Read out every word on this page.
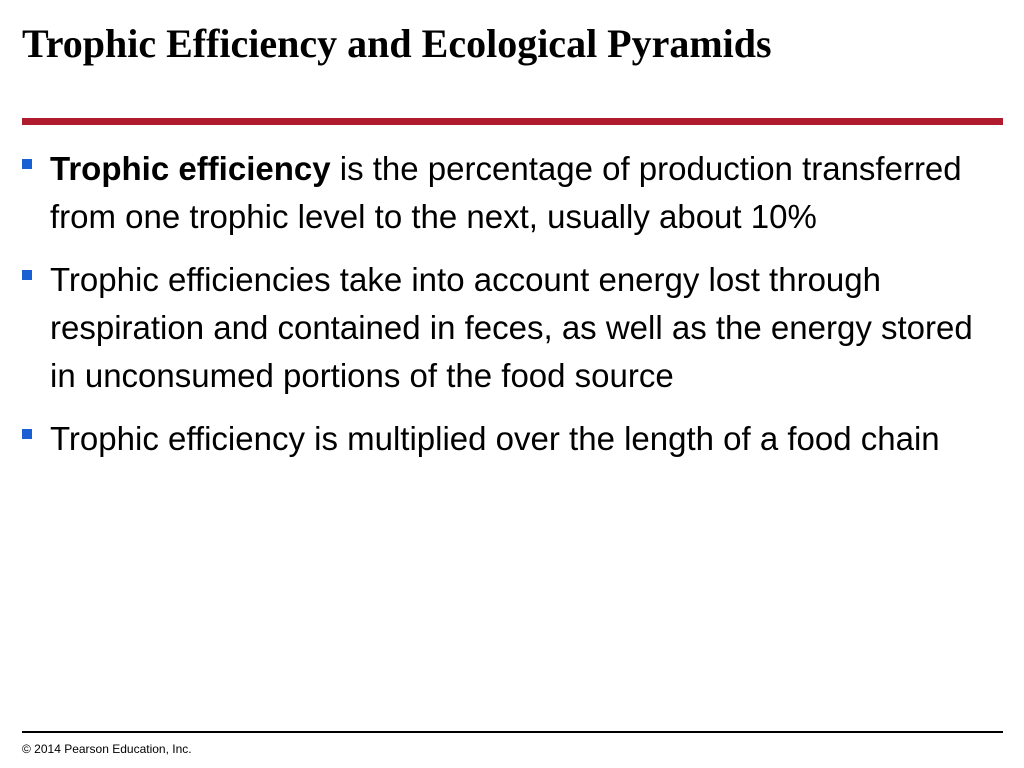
Trophic Efficiency and Ecological Pyramids
Trophic efficiency is the percentage of production transferred from one trophic level to the next, usually about 10%
Trophic efficiencies take into account energy lost through respiration and contained in feces, as well as the energy stored in unconsumed portions of the food source
Trophic efficiency is multiplied over the length of a food chain
© 2014 Pearson Education, Inc.
